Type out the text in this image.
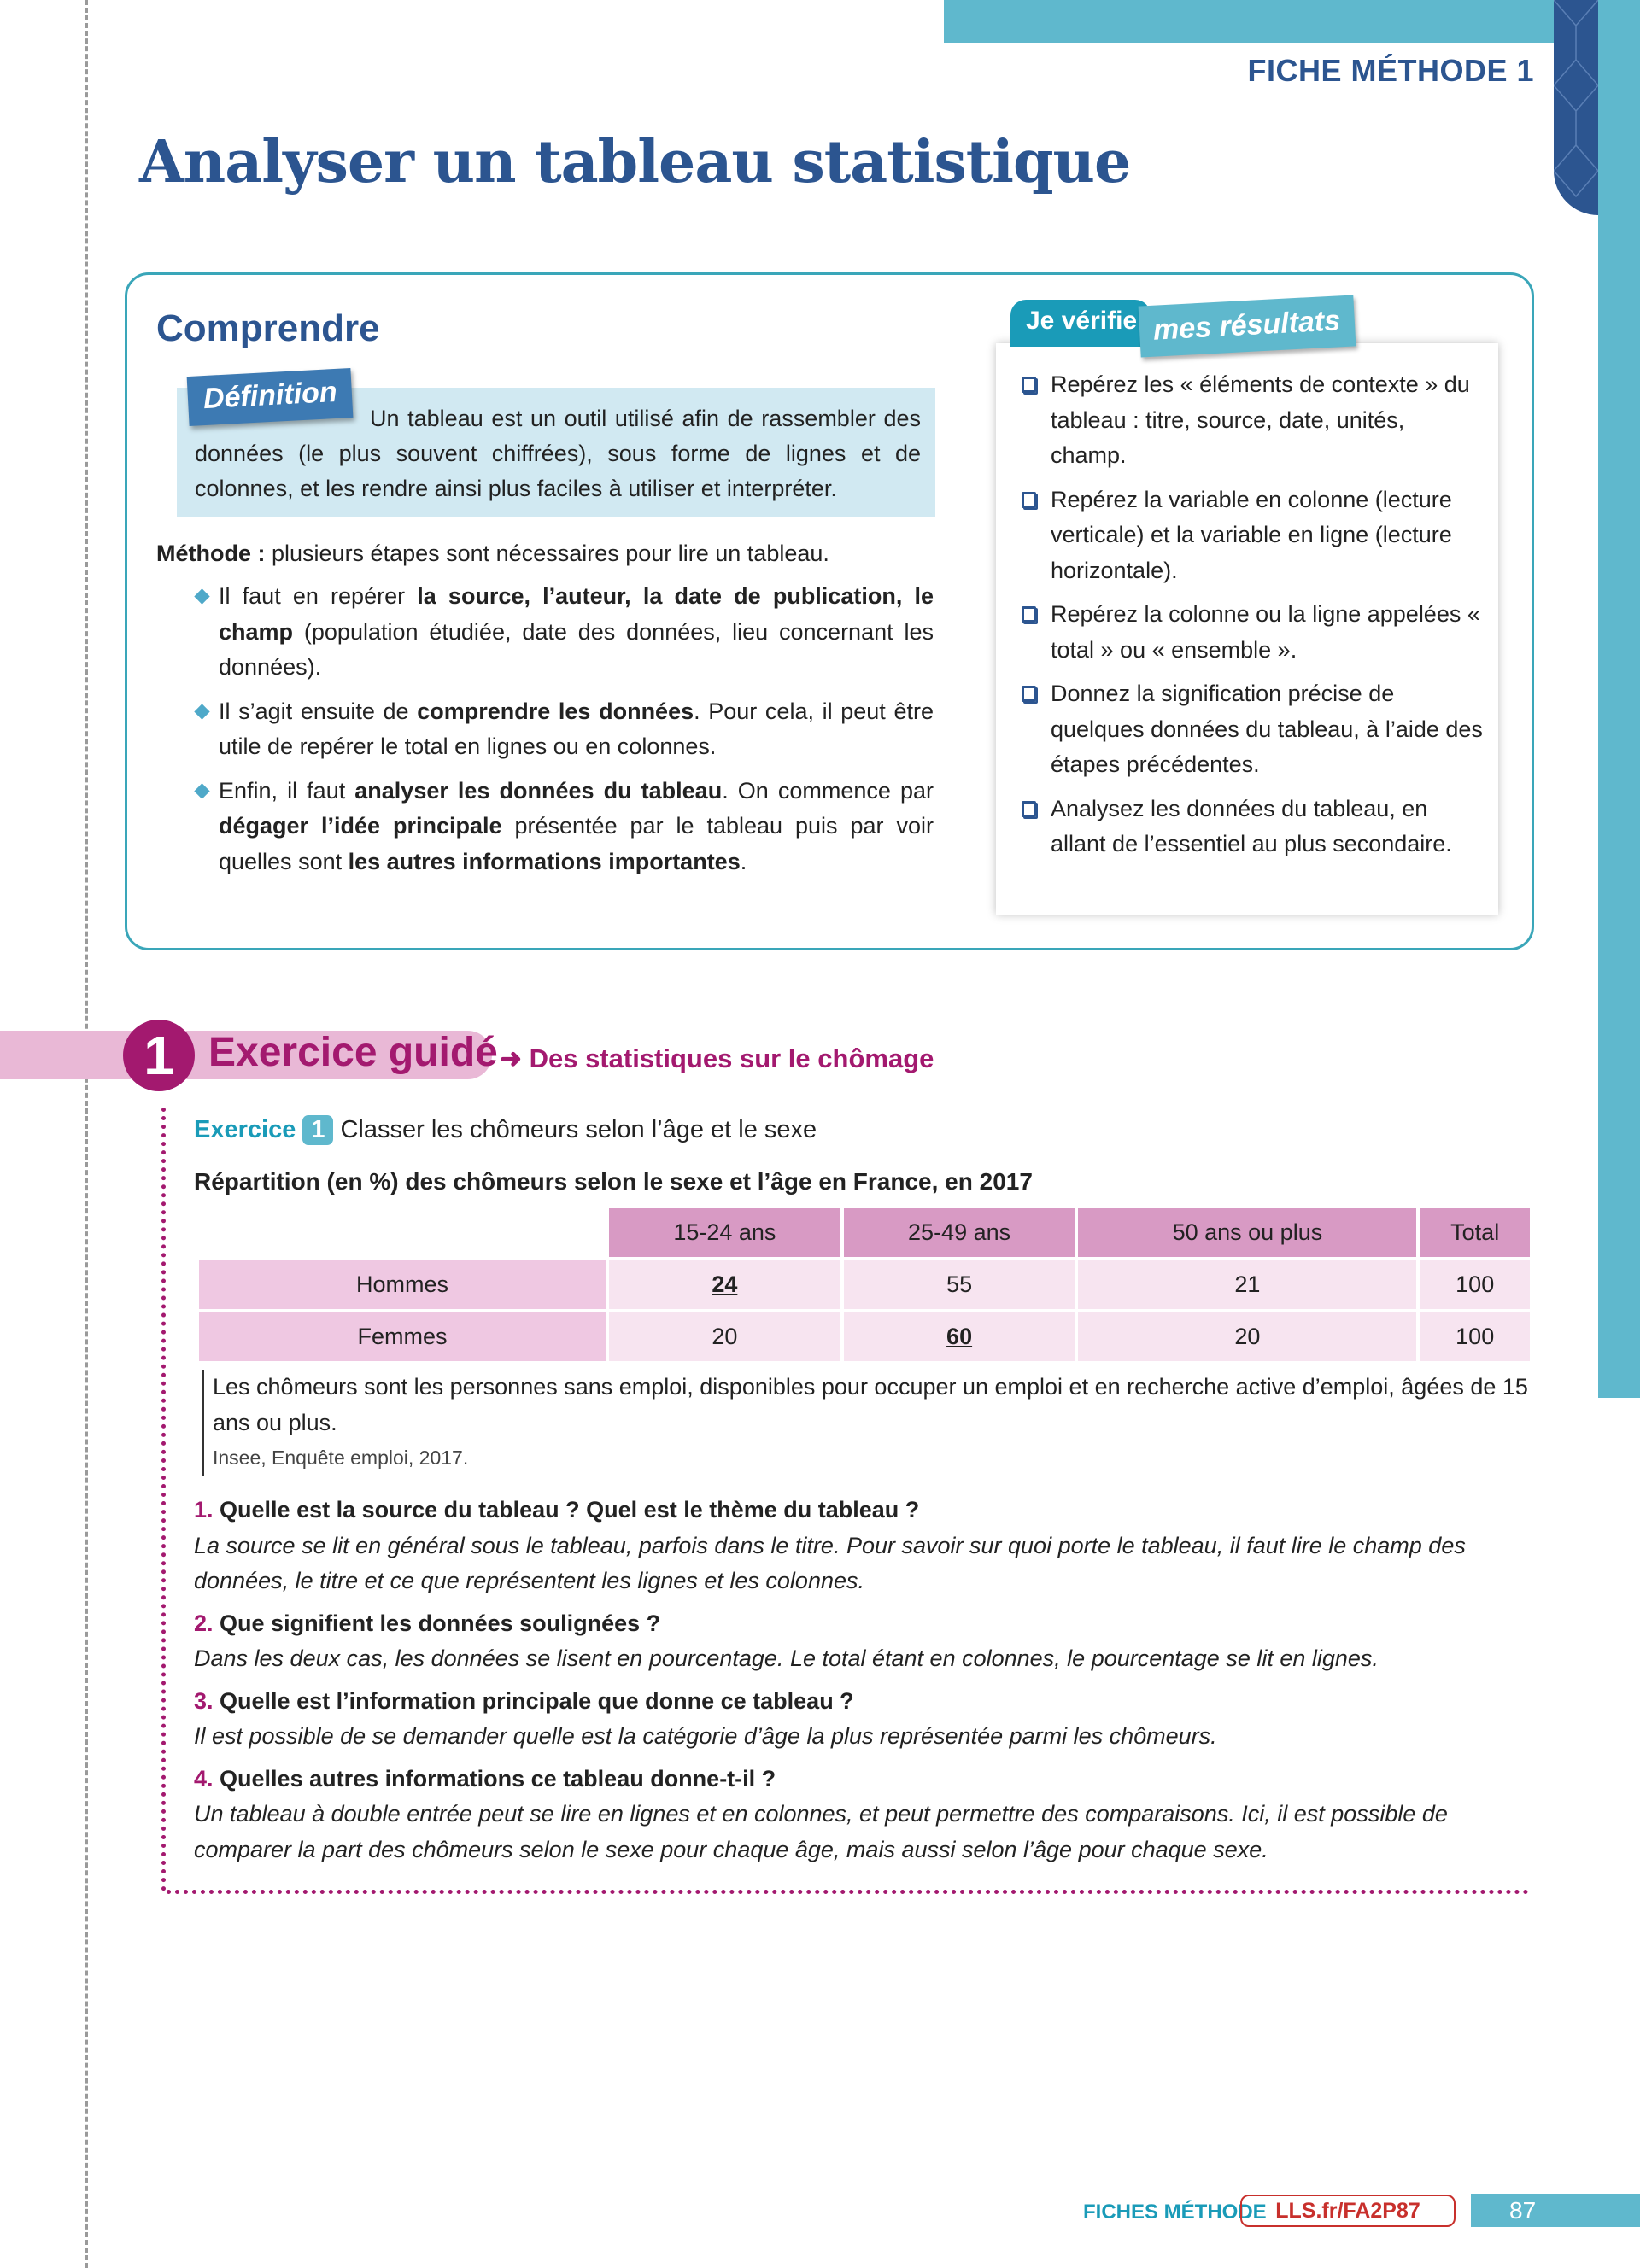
FICHE MÉTHODE 1
Analyser un tableau statistique
Comprendre

Un tableau est un outil utilisé afin de rassembler des données (le plus souvent chiffrées), sous forme de lignes et de colonnes, et les rendre ainsi plus faciles à utiliser et interpréter.

Définition

Méthode : plusieurs étapes sont nécessaires pour lire un tableau.

Il faut en repérer la source, l’auteur, la date de publication, le champ (population étudiée, date des données, lieu concernant les données).
Il s’agit ensuite de comprendre les données. Pour cela, il peut être utile de repérer le total en lignes ou en colonnes.
Enfin, il faut analyser les données du tableau. On commence par dégager l’idée principale présentée par le tableau puis par voir quelles sont les autres informations importantes.
Je vérifie mes résultats
Repérez les « éléments de contexte » du tableau : titre, source, date, unités, champ.
Repérez la variable en colonne (lecture verticale) et la variable en ligne (lecture horizontale).
Repérez la colonne ou la ligne appelées « total » ou « ensemble ».
Donnez la signification précise de quelques données du tableau, à l’aide des étapes précédentes.
Analysez les données du tableau, en allant de l’essentiel au plus secondaire.
1 Exercice guidé ➜ Des statistiques sur le chômage
Exercice 1 Classer les chômeurs selon l’âge et le sexe
Répartition (en %) des chômeurs selon le sexe et l’âge en France, en 2017
	15-24 ans	25-49 ans	50 ans ou plus	Total
Hommes	24	55	21	100
Femmes	20	60	20	100

Les chômeurs sont les personnes sans emploi, disponibles pour occuper un emploi et en recherche active d’emploi, âgées de 15 ans ou plus.

Insee, Enquête emploi, 2017.

1. Quelle est la source du tableau ? Quel est le thème du tableau ?

La source se lit en général sous le tableau, parfois dans le titre. Pour savoir sur quoi porte le tableau, il faut lire le champ des données, le titre et ce que représentent les lignes et les colonnes.

2. Que signifient les données soulignées ?

Dans les deux cas, les données se lisent en pourcentage. Le total étant en colonnes, le pourcentage se lit en lignes.

3. Quelle est l’information principale que donne ce tableau ?

Il est possible de se demander quelle est la catégorie d’âge la plus représentée parmi les chômeurs.

4. Quelles autres informations ce tableau donne-t-il ?

Un tableau à double entrée peut se lire en lignes et en colonnes, et peut permettre des comparaisons. Ici, il est possible de comparer la part des chômeurs selon le sexe pour chaque âge, mais aussi selon l’âge pour chaque sexe.

FICHES MÉTHODE LLS.fr/FA2P87	87
